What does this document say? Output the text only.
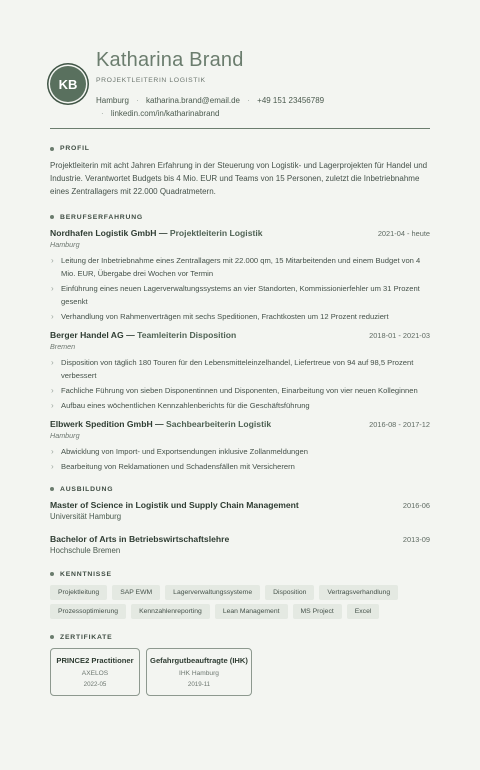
KB
Katharina Brand
PROJEKTLEITERIN LOGISTIK
Hamburg · katharina.brand@email.de · +49 151 23456789
· linkedin.com/in/katharinabrand
PROFIL
Projektleiterin mit acht Jahren Erfahrung in der Steuerung von Logistik- und Lagerprojekten für Handel und Industrie. Verantwortet Budgets bis 4 Mio. EUR und Teams von 15 Personen, zuletzt die Inbetriebnahme eines Zentrallagers mit 22.000 Quadratmetern.
BERUFSERFAHRUNG
Nordhafen Logistik GmbH — Projektleiterin Logistik	2021-04 - heute
Hamburg
› Leitung der Inbetriebnahme eines Zentrallagers mit 22.000 qm, 15 Mitarbeitenden und einem Budget von 4 Mio. EUR, Übergabe drei Wochen vor Termin
› Einführung eines neuen Lagerverwaltungssystems an vier Standorten, Kommissionierfehler um 31 Prozent gesenkt
› Verhandlung von Rahmenverträgen mit sechs Speditionen, Frachtkosten um 12 Prozent reduziert
Berger Handel AG — Teamleiterin Disposition	2018-01 - 2021-03
Bremen
› Disposition von täglich 180 Touren für den Lebensmitteleinzelhandel, Liefertreue von 94 auf 98,5 Prozent verbessert
› Fachliche Führung von sieben Disponentinnen und Disponenten, Einarbeitung von vier neuen Kolleginnen
› Aufbau eines wöchentlichen Kennzahlenberichts für die Geschäftsführung
Elbwerk Spedition GmbH — Sachbearbeiterin Logistik	2016-08 - 2017-12
Hamburg
› Abwicklung von Import- und Exportsendungen inklusive Zollanmeldungen
› Bearbeitung von Reklamationen und Schadensfällen mit Versicherern
AUSBILDUNG
Master of Science in Logistik und Supply Chain Management	2016-06
Universität Hamburg
Bachelor of Arts in Betriebswirtschaftslehre	2013-09
Hochschule Bremen
KENNTNISSE
Projektleitung	SAP EWM	Lagerverwaltungssysteme	Disposition	Vertragsverhandlung
Prozessoptimierung	Kennzahlenreporting	Lean Management	MS Project	Excel
ZERTIFIKATE
PRINCE2 Practitioner
AXELOS
2022-05
Gefahrgutbeauftragte (IHK)
IHK Hamburg
2019-11
